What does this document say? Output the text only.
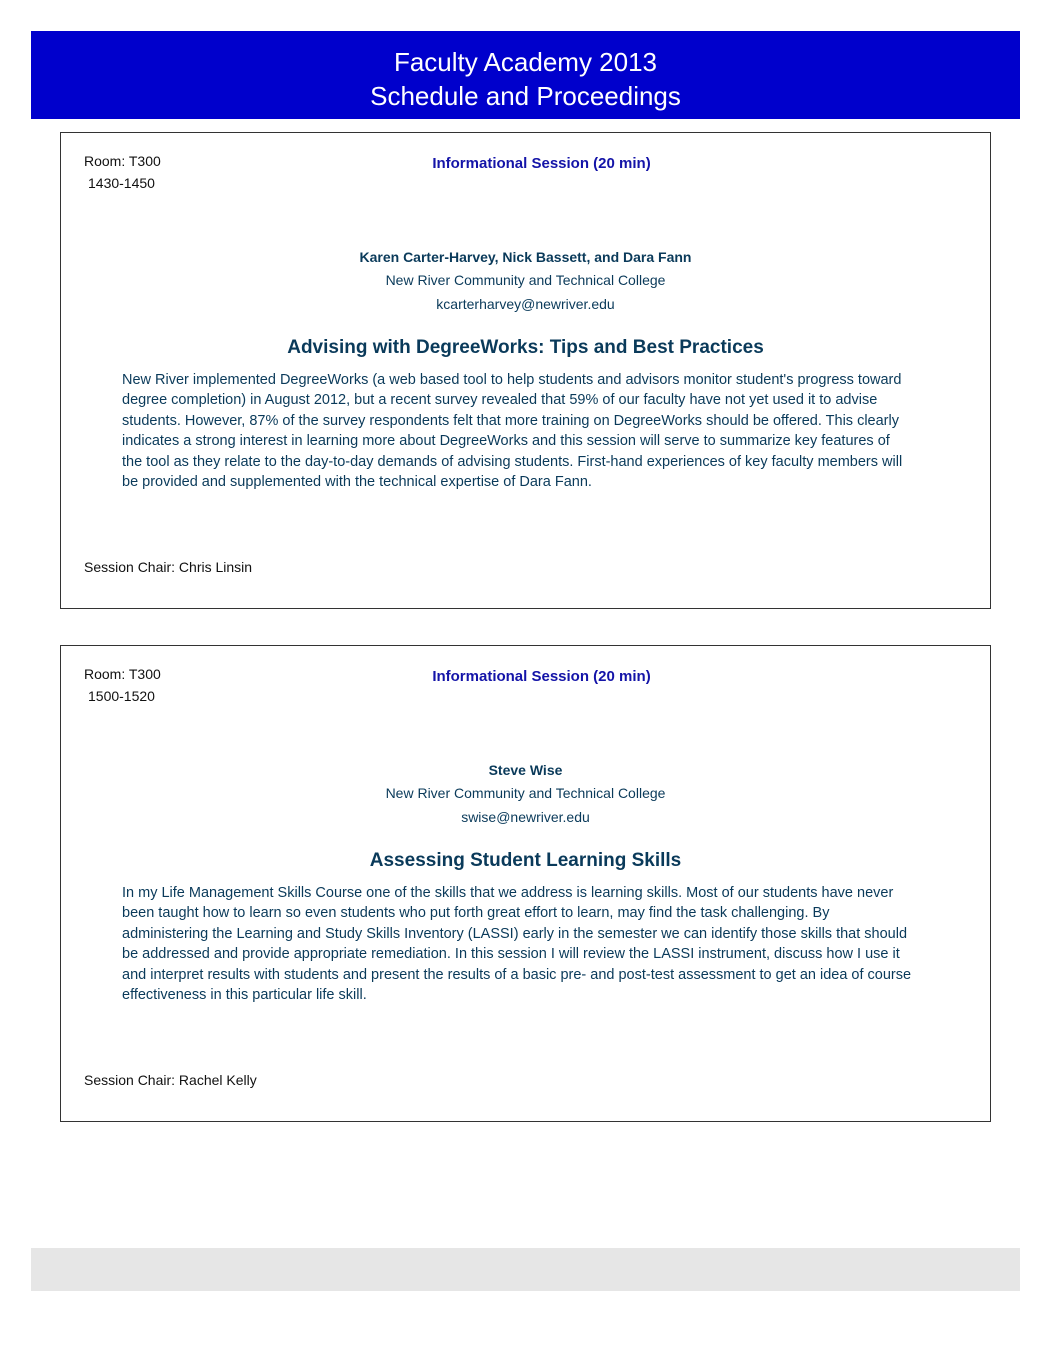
Faculty Academy 2013
Schedule and Proceedings
Room: T300
1430-1450
Informational Session (20 min)
Karen Carter-Harvey, Nick Bassett, and Dara Fann
New River Community and Technical College
kcarterharvey@newriver.edu
Advising with DegreeWorks: Tips and Best Practices
New River implemented DegreeWorks (a web based tool to help students and advisors monitor student's progress toward degree completion) in August 2012, but a recent survey revealed that 59% of our faculty have not yet used it to advise students. However, 87% of the survey respondents felt that more training on DegreeWorks should be offered. This clearly indicates a strong interest in learning more about DegreeWorks and this session will serve to summarize key features of the tool as they relate to the day-to-day demands of advising students. First-hand experiences of key faculty members will be provided and supplemented with the technical expertise of Dara Fann.
Session Chair: Chris Linsin
Room: T300
1500-1520
Informational Session (20 min)
Steve Wise
New River Community and Technical College
swise@newriver.edu
Assessing Student Learning Skills
In my Life Management Skills Course one of the skills that we address is learning skills. Most of our students have never been taught how to learn so even students who put forth great effort to learn, may find the task challenging. By administering the Learning and Study Skills Inventory (LASSI) early in the semester we can identify those skills that should be addressed and provide appropriate remediation. In this session I will review the LASSI instrument, discuss how I use it and interpret results with students and present the results of a basic pre- and post-test assessment to get an idea of course effectiveness in this particular life skill.
Session Chair: Rachel Kelly
